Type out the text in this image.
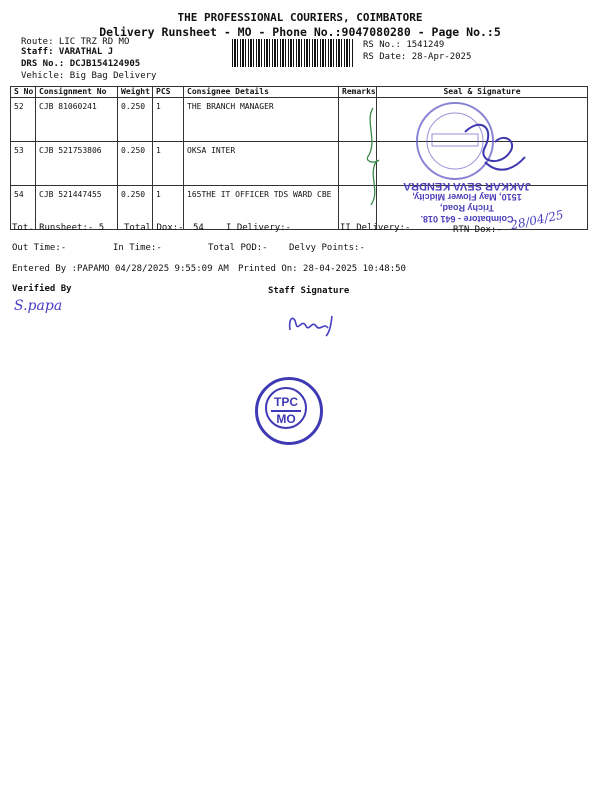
THE PROFESSIONAL COURIERS, COIMBATORE
Delivery Runsheet - MO - Phone No.:9047080280 - Page No.:5
Route: LIC TRZ RD MO
Staff: VARATHAL J
DRS No.: DCJB154124905
Vehicle: Big Bag Delivery
RS No.: 1541249
RS Date: 28-Apr-2025
S No	Consignment No	Weight	PCS	Consignee Details	Remarks	Seal & Signature
52	CJB 81060241	0.250	1	THE BRANCH MANAGER		
53	CJB 521753806	0.250	1	OKSA INTER		
54	CJB 521447455	0.250	1	165THE IT OFFICER TDS WARD CBE		
Coimbatore - 641 018.
Trichy Road,
1510, May Flower Midcity,
JAKKAR SEVA KENDRA
28/04/25
Tot. Runsheet:- 5 Total Dox:- 54 I Delivery:-	II Delivery:-	RTN Dox:-
Out Time:-	In Time:-	Total POD:- Delvy Points:-
Entered By :PAPAMO 04/28/2025 9:55:09 AM Printed On: 28-04-2025 10:48:50
Verified By	Staff Signature
S.papa
TPC
MO
